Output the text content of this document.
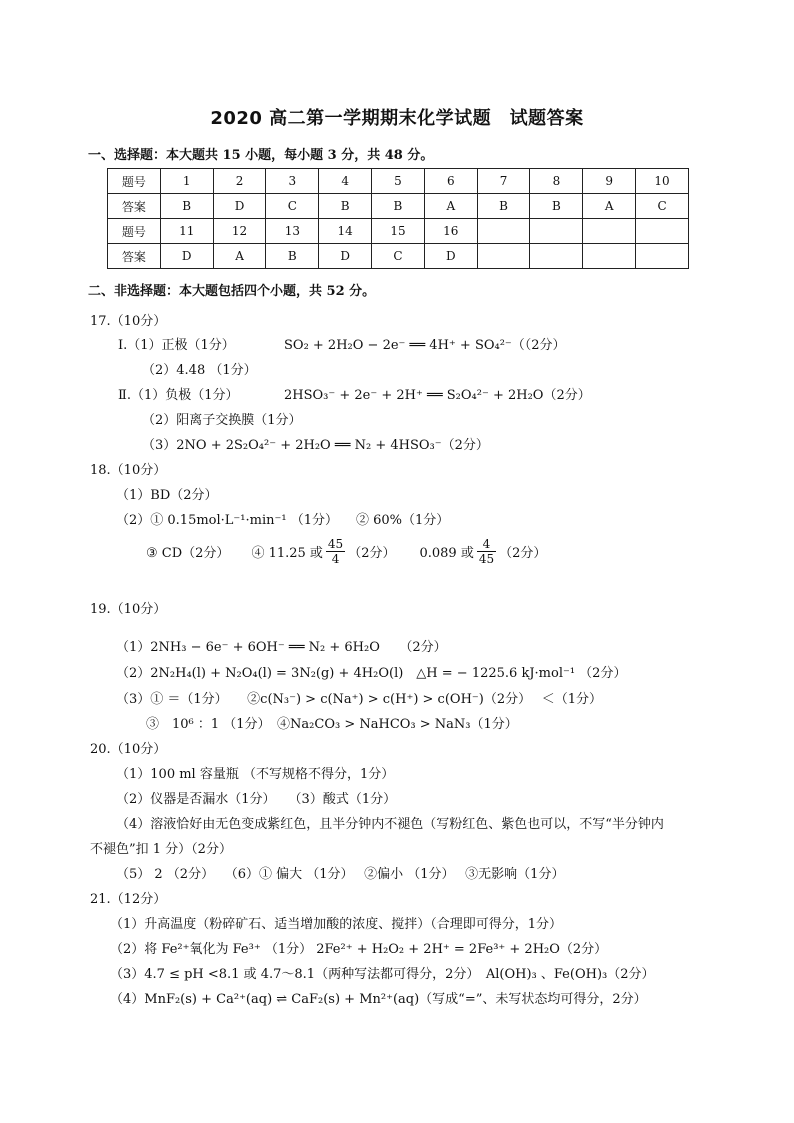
2020 高二第一学期期末化学试题　试题答案
一、选择题：本大题共 15 小题，每小题 3 分，共 48 分。
题号	1	2	3	4	5	6	7	8	9	10
答案	B	D	C	B	B	A	B	B	A	C
题号	11	12	13	14	15	16				
答案	D	A	B	D	C	D				
二、非选择题：本大题包括四个小题，共 52 分。
17.（10分）
Ⅰ.（1）正极（1分）	SO₂ + 2H₂O − 2e⁻ ══ 4H⁺ + SO₄²⁻（（2分）
（2）4.48 （1分）
Ⅱ.（1）负极（1分）	2HSO₃⁻ + 2e⁻ + 2H⁺ ══ S₂O₄²⁻ + 2H₂O（2分）
（2）阳离子交换膜（1分）
（3）2NO + 2S₂O₄²⁻ + 2H₂O ══ N₂ + 4HSO₃⁻（2分）
18.（10分）
（1）BD（2分）
（2）① 0.15mol·L⁻¹·min⁻¹ （1分） ② 60%（1分）
③ CD（2分） ④ 11.25 或 $\frac{45}{4} (2$分） 0.089 或 $\frac{4}{45} (2$分）
19.（10分）
（1）2NH₃ − 6e⁻ + 6OH⁻ ══ N₂ + 6H₂O　　（2分）
（2）2N₂H₄(l) + N₂O₄(l) = 3N₂(g) + 4H₂O(l)　△H = − 1225.6 kJ·mol⁻¹ （2分）
（3）① ＝（1分）　　②c(N₃⁻) > c(Na⁺) > c(H⁺) > c(OH⁻)（2分）　 ＜（1分）
③　10⁶ ：1 （1分）　④Na₂CO₃ > NaHCO₃ > NaN₃（1分）
20.（10分）
（1）100 ml 容量瓶 （不写规格不得分，1分）
（2）仪器是否漏水（1分）　　（3）酸式（1分）
（4）溶液恰好由无色变成紫红色，且半分钟内不褪色（写粉红色、紫色也可以，不写“半分钟内
不褪色”扣 1 分）（2分）
（5） 2 （2分）　 （6）① 偏大 （1分）　 ②偏小 （1分）　 ③无影响（1分）
21.（12分）
（1）升高温度（粉碎矿石、适当增加酸的浓度、搅拌）（合理即可得分，1分）
（2）将 Fe²⁺氧化为 Fe³⁺ （1分） 2Fe²⁺ + H₂O₂ + 2H⁺ = 2Fe³⁺ + 2H₂O（2分）
（3）4.7 ≤ pH <8.1 或 4.7～8.1（两种写法都可得分，2分）　Al(OH)₃ 、Fe(OH)₃（2分）
（4）MnF₂(s) + Ca²⁺(aq) ⇌ CaF₂(s) + Mn²⁺(aq)（写成“=”、未写状态均可得分，2分）
